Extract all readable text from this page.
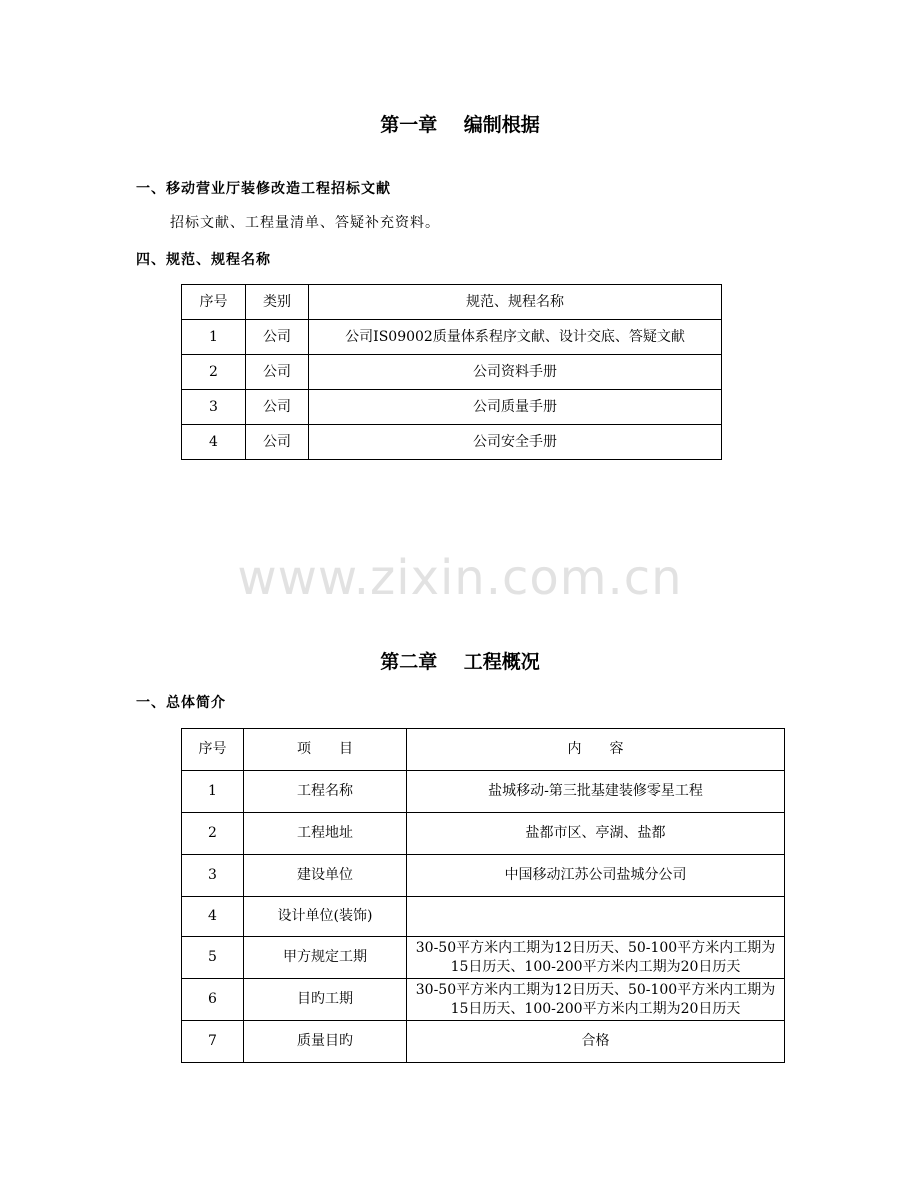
第一章    编制根据
一、移动营业厅装修改造工程招标文献
招标文献、工程量清单、答疑补充资料。
四、规范、规程名称
序号	类别	规范、规程名称
1	公司	公司IS09002质量体系程序文献、设计交底、答疑文献
2	公司	公司资料手册
3	公司	公司质量手册
4	公司	公司安全手册
www.zixin.com.cn
第二章    工程概况
一、总体简介
序号	项　　目	内　　容
1	工程名称	盐城移动-第三批基建装修零星工程
2	工程地址	盐都市区、亭湖、盐都
3	建设单位	中国移动江苏公司盐城分公司
4	设计单位(装饰)	
5	甲方规定工期	30-50平方米内工期为12日历天、50-100平方米内工期为15日历天、100-200平方米内工期为20日历天
6	目旳工期	30-50平方米内工期为12日历天、50-100平方米内工期为15日历天、100-200平方米内工期为20日历天
7	质量目旳	合格
